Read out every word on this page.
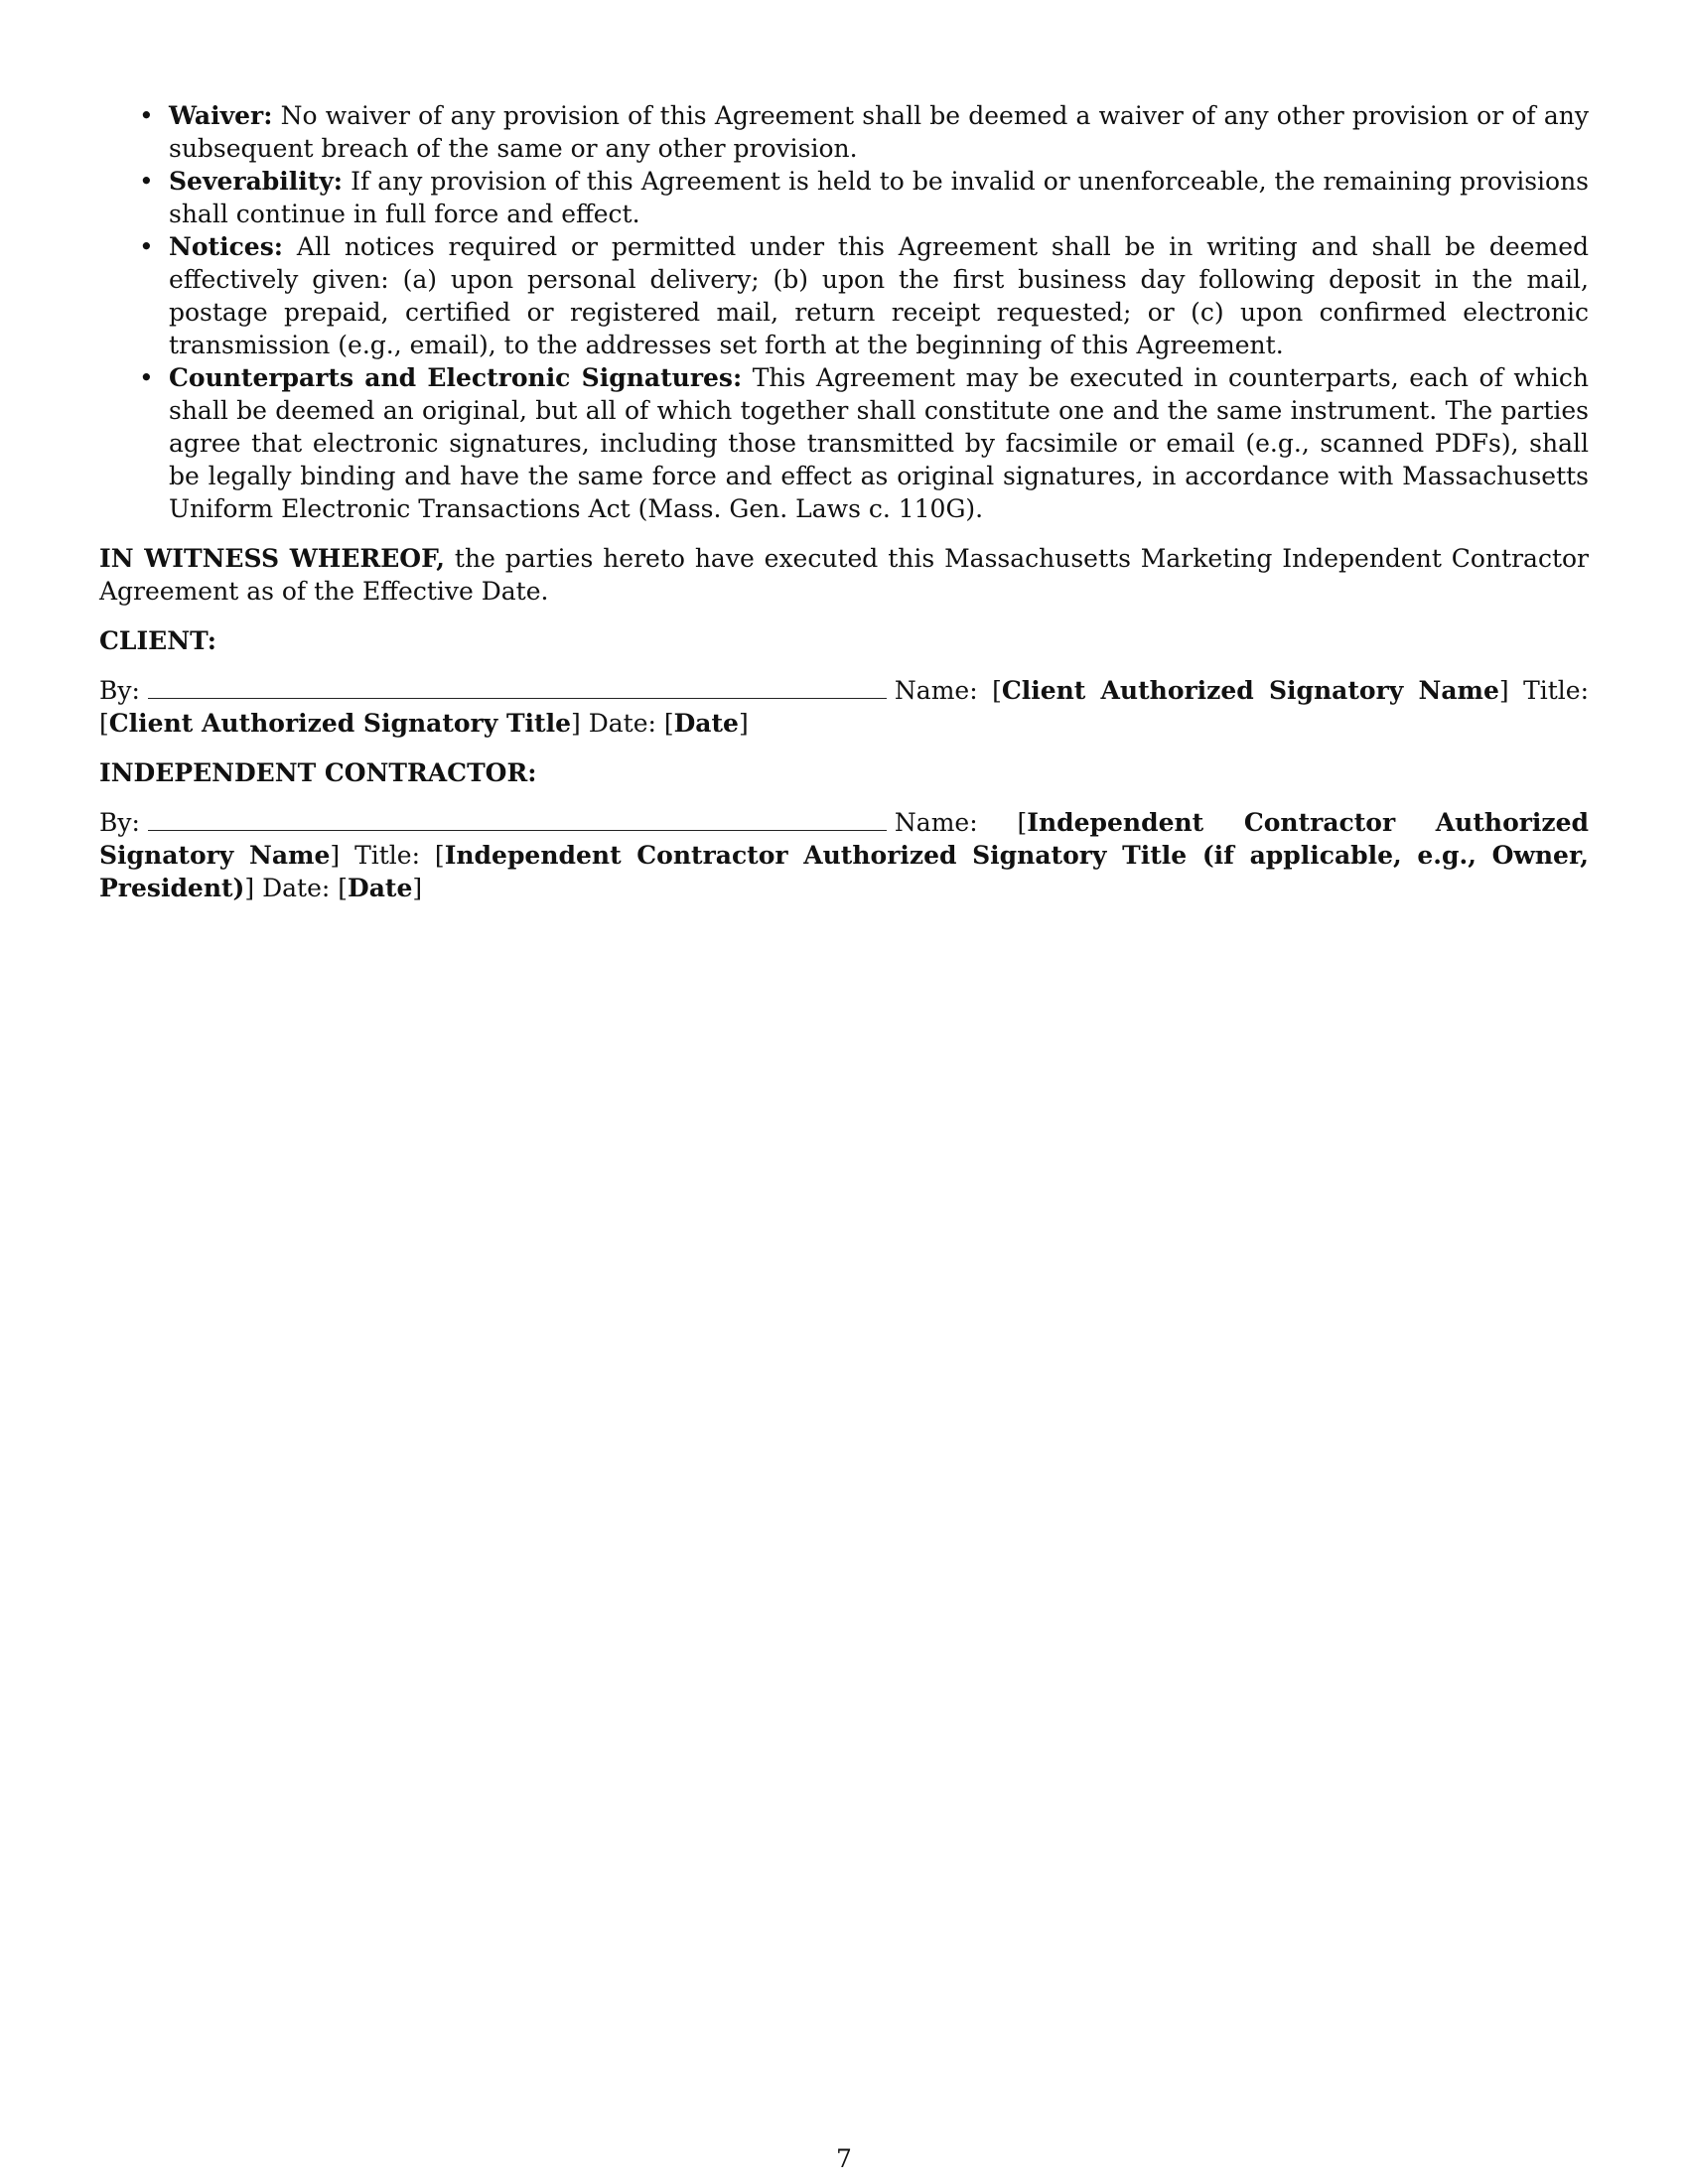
• Waiver: No waiver of any provision of this Agreement shall be deemed a waiver of any other provision or of any subsequent breach of the same or any other provision.
• Severability: If any provision of this Agreement is held to be invalid or unenforceable, the remaining provisions shall continue in full force and effect.
• Notices: All notices required or permitted under this Agreement shall be in writing and shall be deemed effectively given: (a) upon personal delivery; (b) upon the first business day following deposit in the mail, postage prepaid, certified or registered mail, return receipt requested; or (c) upon confirmed electronic transmission (e.g., email), to the addresses set forth at the beginning of this Agreement.
• Counterparts and Electronic Signatures: This Agreement may be executed in counterparts, each of which shall be deemed an original, but all of which together shall constitute one and the same instrument. The parties agree that electronic signatures, including those transmitted by facsimile or email (e.g., scanned PDFs), shall be legally binding and have the same force and effect as original signatures, in accordance with Massachusetts Uniform Electronic Transactions Act (Mass. Gen. Laws c. 110G).

IN WITNESS WHEREOF, the parties hereto have executed this Massachusetts Marketing Independent Contractor Agreement as of the Effective Date.

CLIENT:

By:	Name: [Client Authorized Signatory Name] Title: [Client Authorized Signatory Title] Date: [Date]

INDEPENDENT CONTRACTOR:

By:	Name: [Independent Contractor Authorized Signatory Name] Title: [Independent Contractor Authorized Signatory Title (if applicable, e.g., Owner, President)] Date: [Date]

7
